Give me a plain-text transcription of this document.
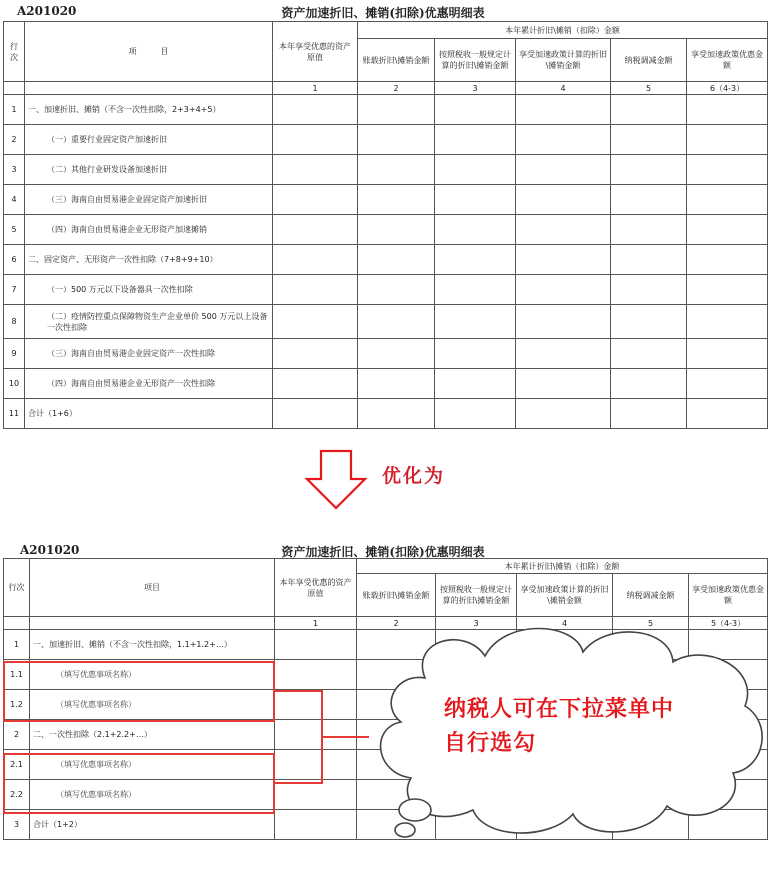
A201020	资产加速折旧、摊销(扣除)优惠明细表
行次	项　　　目	本年享受优惠的资产原值	本年累计折旧\摊销（扣除）金额				
			账载折旧\摊销金额	按照税收一般规定计算的折旧\摊销金额	享受加速政策计算的折旧\摊销金额	纳税调减金额	享受加速政策优惠金额
		1	2	3	4	5	6（4-3）
1	一、加速折旧、摊销（不含一次性扣除，2+3+4+5）						
2	（一）重要行业固定资产加速折旧						
3	（二）其他行业研发设备加速折旧						
4	（三）海南自由贸易港企业固定资产加速折旧						
5	（四）海南自由贸易港企业无形资产加速摊销						
6	二、固定资产、无形资产一次性扣除（7+8+9+10）						
7	（一）500 万元以下设备器具一次性扣除						
8	（二）疫情防控重点保障物资生产企业单价 500 万元以上设备一次性扣除						
9	（三）海南自由贸易港企业固定资产一次性扣除						
10	（四）海南自由贸易港企业无形资产一次性扣除						
11	合计（1+6）						
优化为
A201020	资产加速折旧、摊销(扣除)优惠明细表
行次	项目	本年享受优惠的资产原值	本年累计折旧\摊销（扣除）金额				
			账载折旧\摊销金额	按照税收一般规定计算的折旧\摊销金额	享受加速政策计算的折旧\摊销金额	纳税调减金额	享受加速政策优惠金额
		1	2	3	4	5	5（4-3）
1	一、加速折旧、摊销（不含一次性扣除，1.1+1.2+…）						
1.1	（填写优惠事项名称）						
1.2	（填写优惠事项名称）						
2	二、一次性扣除（2.1+2.2+…）						
2.1	（填写优惠事项名称）						
2.2	（填写优惠事项名称）						
3	合计（1+2）						
纳税人可在下拉菜单中自行选勾
